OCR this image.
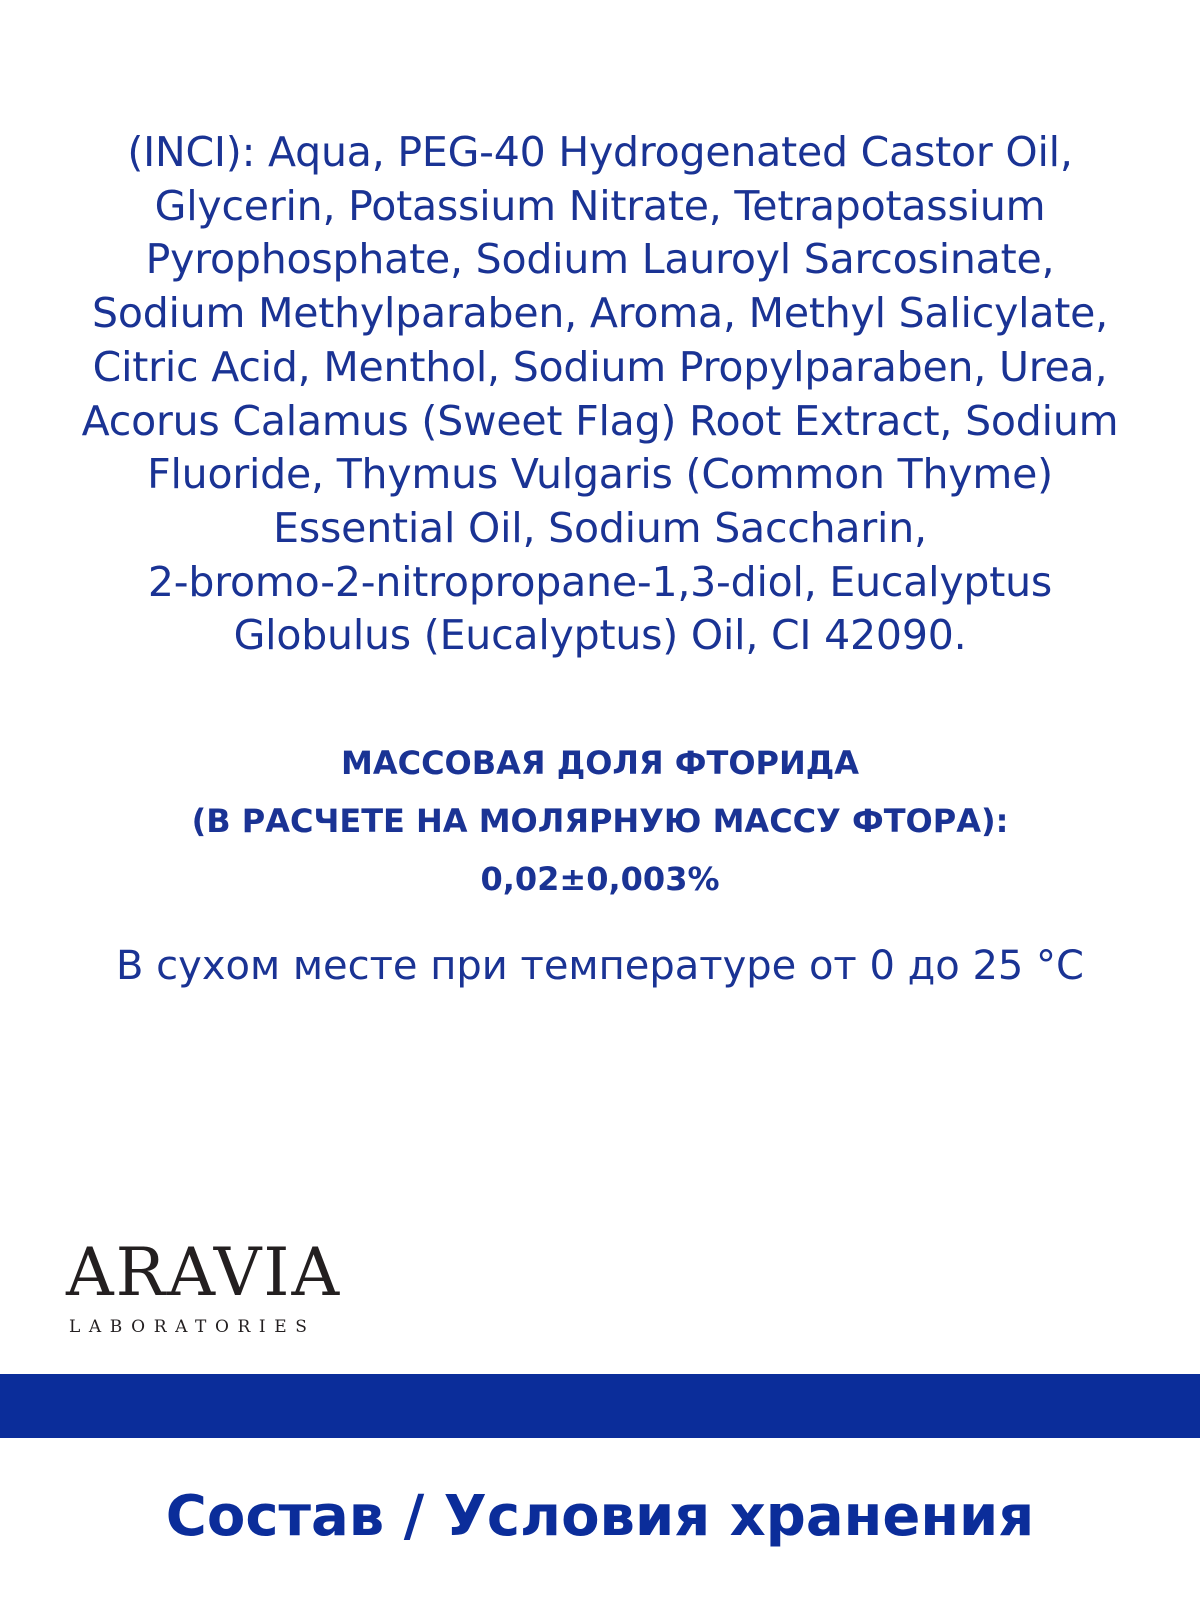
(INCI): Aqua, PEG-40 Hydrogenated Castor Oil,
Glycerin, Potassium Nitrate, Tetrapotassium
Pyrophosphate, Sodium Lauroyl Sarcosinate,
Sodium Methylparaben, Aroma, Methyl Salicylate,
Citric Acid, Menthol, Sodium Propylparaben, Urea,
Acorus Calamus (Sweet Flag) Root Extract, Sodium
Fluoride, Thymus Vulgaris (Common Thyme)
Essential Oil, Sodium Saccharin,
2-bromo-2-nitropropane-1,3-diol, Eucalyptus
Globulus (Eucalyptus) Oil, CI 42090.
МАССОВАЯ ДОЛЯ ФТОРИДА
(В РАСЧЕТЕ НА МОЛЯРНУЮ МАССУ ФТОРА):
0,02±0,003%
В сухом месте при температуре от 0 до 25 °С
ARAVIA
LABORATORIES
Состав / Условия хранения
